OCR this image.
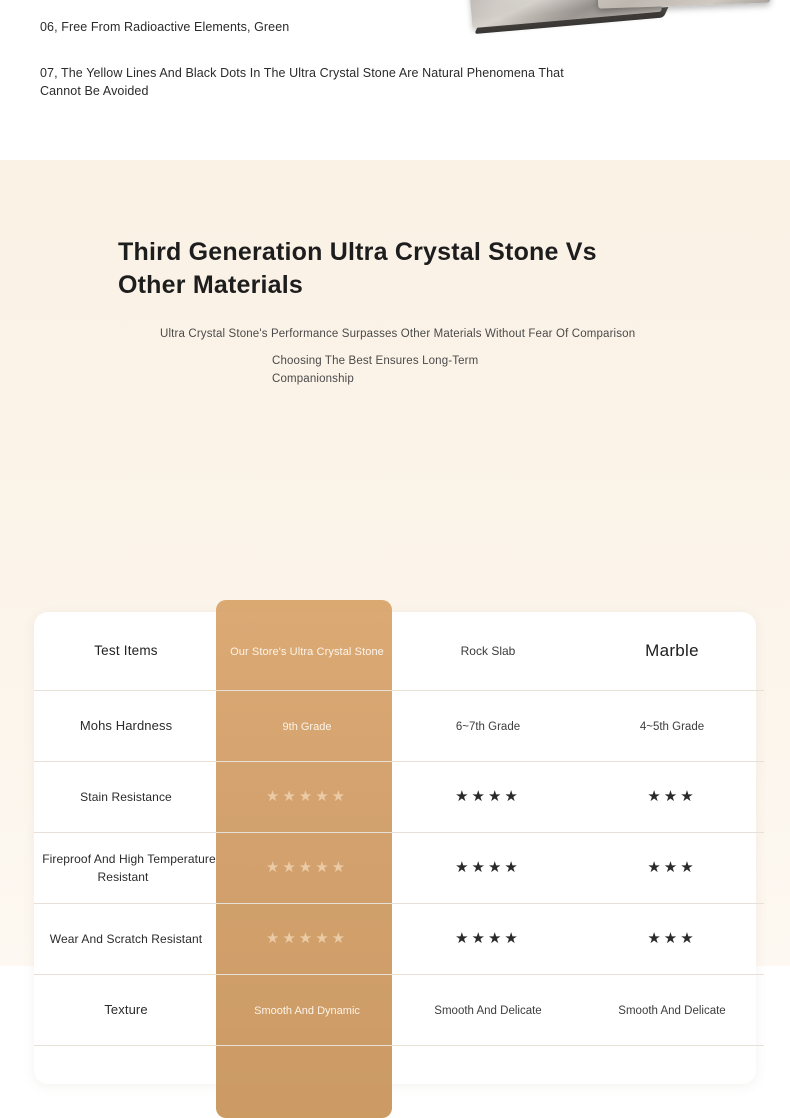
06, Free From Radioactive Elements, Green
07, The Yellow Lines And Black Dots In The Ultra Crystal Stone Are Natural Phenomena That Cannot Be Avoided
Third Generation Ultra Crystal Stone Vs Other Materials
Ultra Crystal Stone's Performance Surpasses Other Materials Without Fear Of Comparison
Choosing The Best Ensures Long-Term Companionship
Test Items	Our Store's Ultra Crystal Stone	Rock Slab	Marble
Mohs Hardness	9th Grade	6~7th Grade	4~5th Grade
Stain Resistance	★★★★★	★★★★	★★★
Fireproof And High Temperature Resistant	★★★★★	★★★★	★★★
Wear And Scratch Resistant	★★★★★	★★★★	★★★
Texture	Smooth And Dynamic	Smooth And Delicate	Smooth And Delicate
